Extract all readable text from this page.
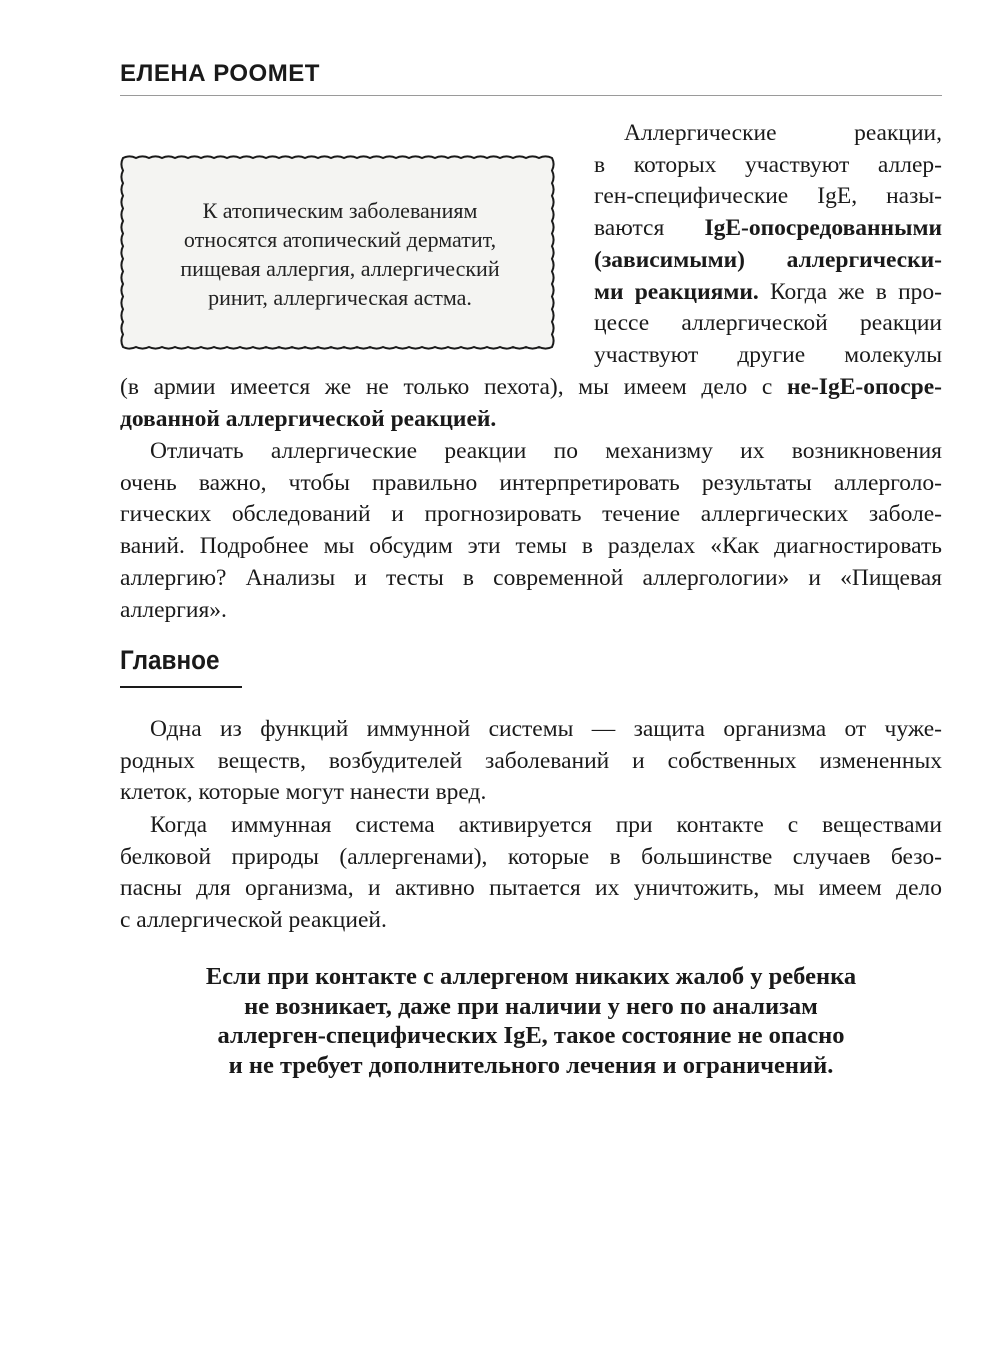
ЕЛЕНА РООМЕТ
К атопическим заболеваниям
относятся атопический дерматит,
пищевая аллергия, аллергический
ринит, аллергическая астма.
Аллергические реакции,
в которых участвуют аллер-
ген-специфические IgE, назы-
ваются IgE-опосредованными
(зависимыми) аллергически-
ми реакциями. Когда же в про-
цессе аллергической реакции
участвуют другие молекулы
(в армии имеется же не только пехота), мы имеем дело с не-IgE-опосре-
дованной аллергической реакцией.
Отличать аллергические реакции по механизму их возникновения
очень важно, чтобы правильно интерпретировать результаты аллерголо-
гических обследований и прогнозировать течение аллергических заболе-
ваний. Подробнее мы обсудим эти темы в разделах «Как диагностировать
аллергию? Анализы и тесты в современной аллергологии» и «Пищевая
аллергия».
Главное
Одна из функций иммунной системы — защита организма от чуже-
родных веществ, возбудителей заболеваний и собственных измененных
клеток, которые могут нанести вред.
Когда иммунная система активируется при контакте с веществами
белковой природы (аллергенами), которые в большинстве случаев безо-
пасны для организма, и активно пытается их уничтожить, мы имеем дело
с аллергической реакцией.
Если при контакте с аллергеном никаких жалоб у ребенка
не возникает, даже при наличии у него по анализам
аллерген-специфических IgE, такое состояние не опасно
и не требует дополнительного лечения и ограничений.
